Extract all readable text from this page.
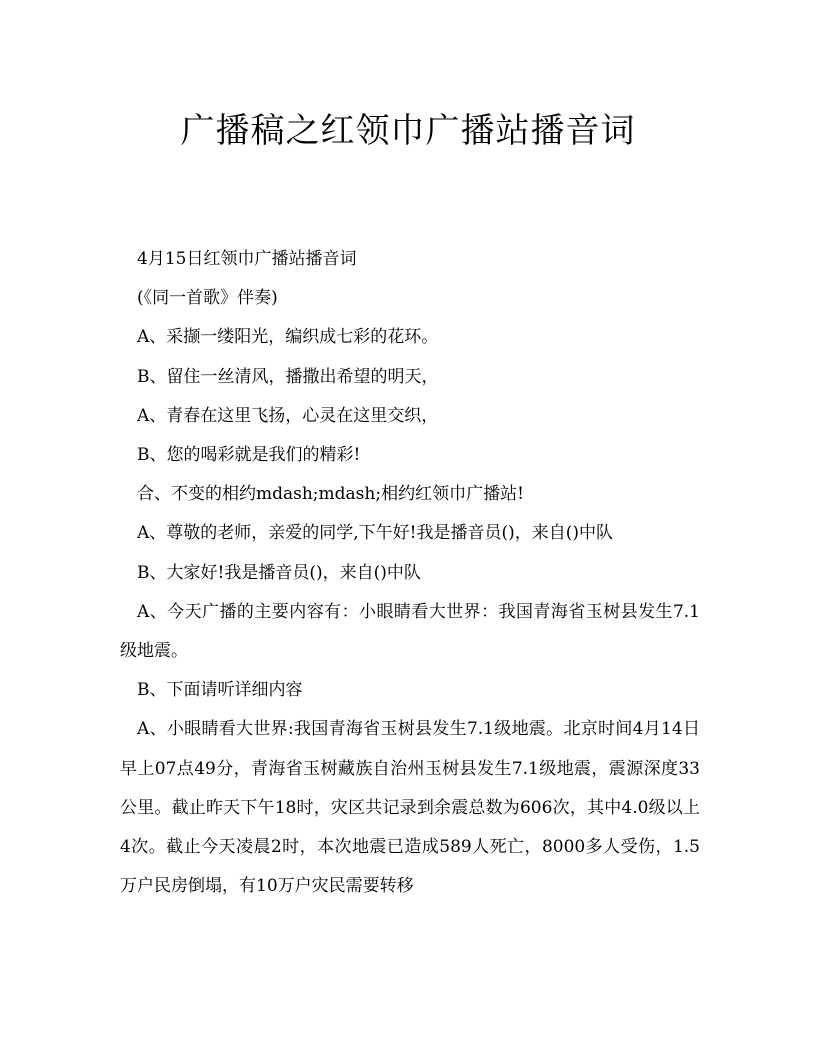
广播稿之红领巾广播站播音词

4月15日红领巾广播站播音词

(《同一首歌》伴奏)

A、采撷一缕阳光，编织成七彩的花环。

B、留住一丝清风，播撒出希望的明天，

A、青春在这里飞扬，心灵在这里交织，

B、您的喝彩就是我们的精彩!

合、不变的相约mdash;mdash;相约红领巾广播站!

A、尊敬的老师，亲爱的同学,下午好!我是播音员()，来自()中队

B、大家好!我是播音员()，来自()中队

A、今天广播的主要内容有：小眼睛看大世界：我国青海省玉树县发生7.1级地震。

B、下面请听详细内容

A、小眼睛看大世界:我国青海省玉树县发生7.1级地震。北京时间4月14日早上07点49分，青海省玉树藏族自治州玉树县发生7.1级地震，震源深度33公里。截止昨天下午18时，灾区共记录到余震总数为606次，其中4.0级以上4次。截止今天凌晨2时，本次地震已造成589人死亡，8000多人受伤，1.5万户民房倒塌，有10万户灾民需要转移
